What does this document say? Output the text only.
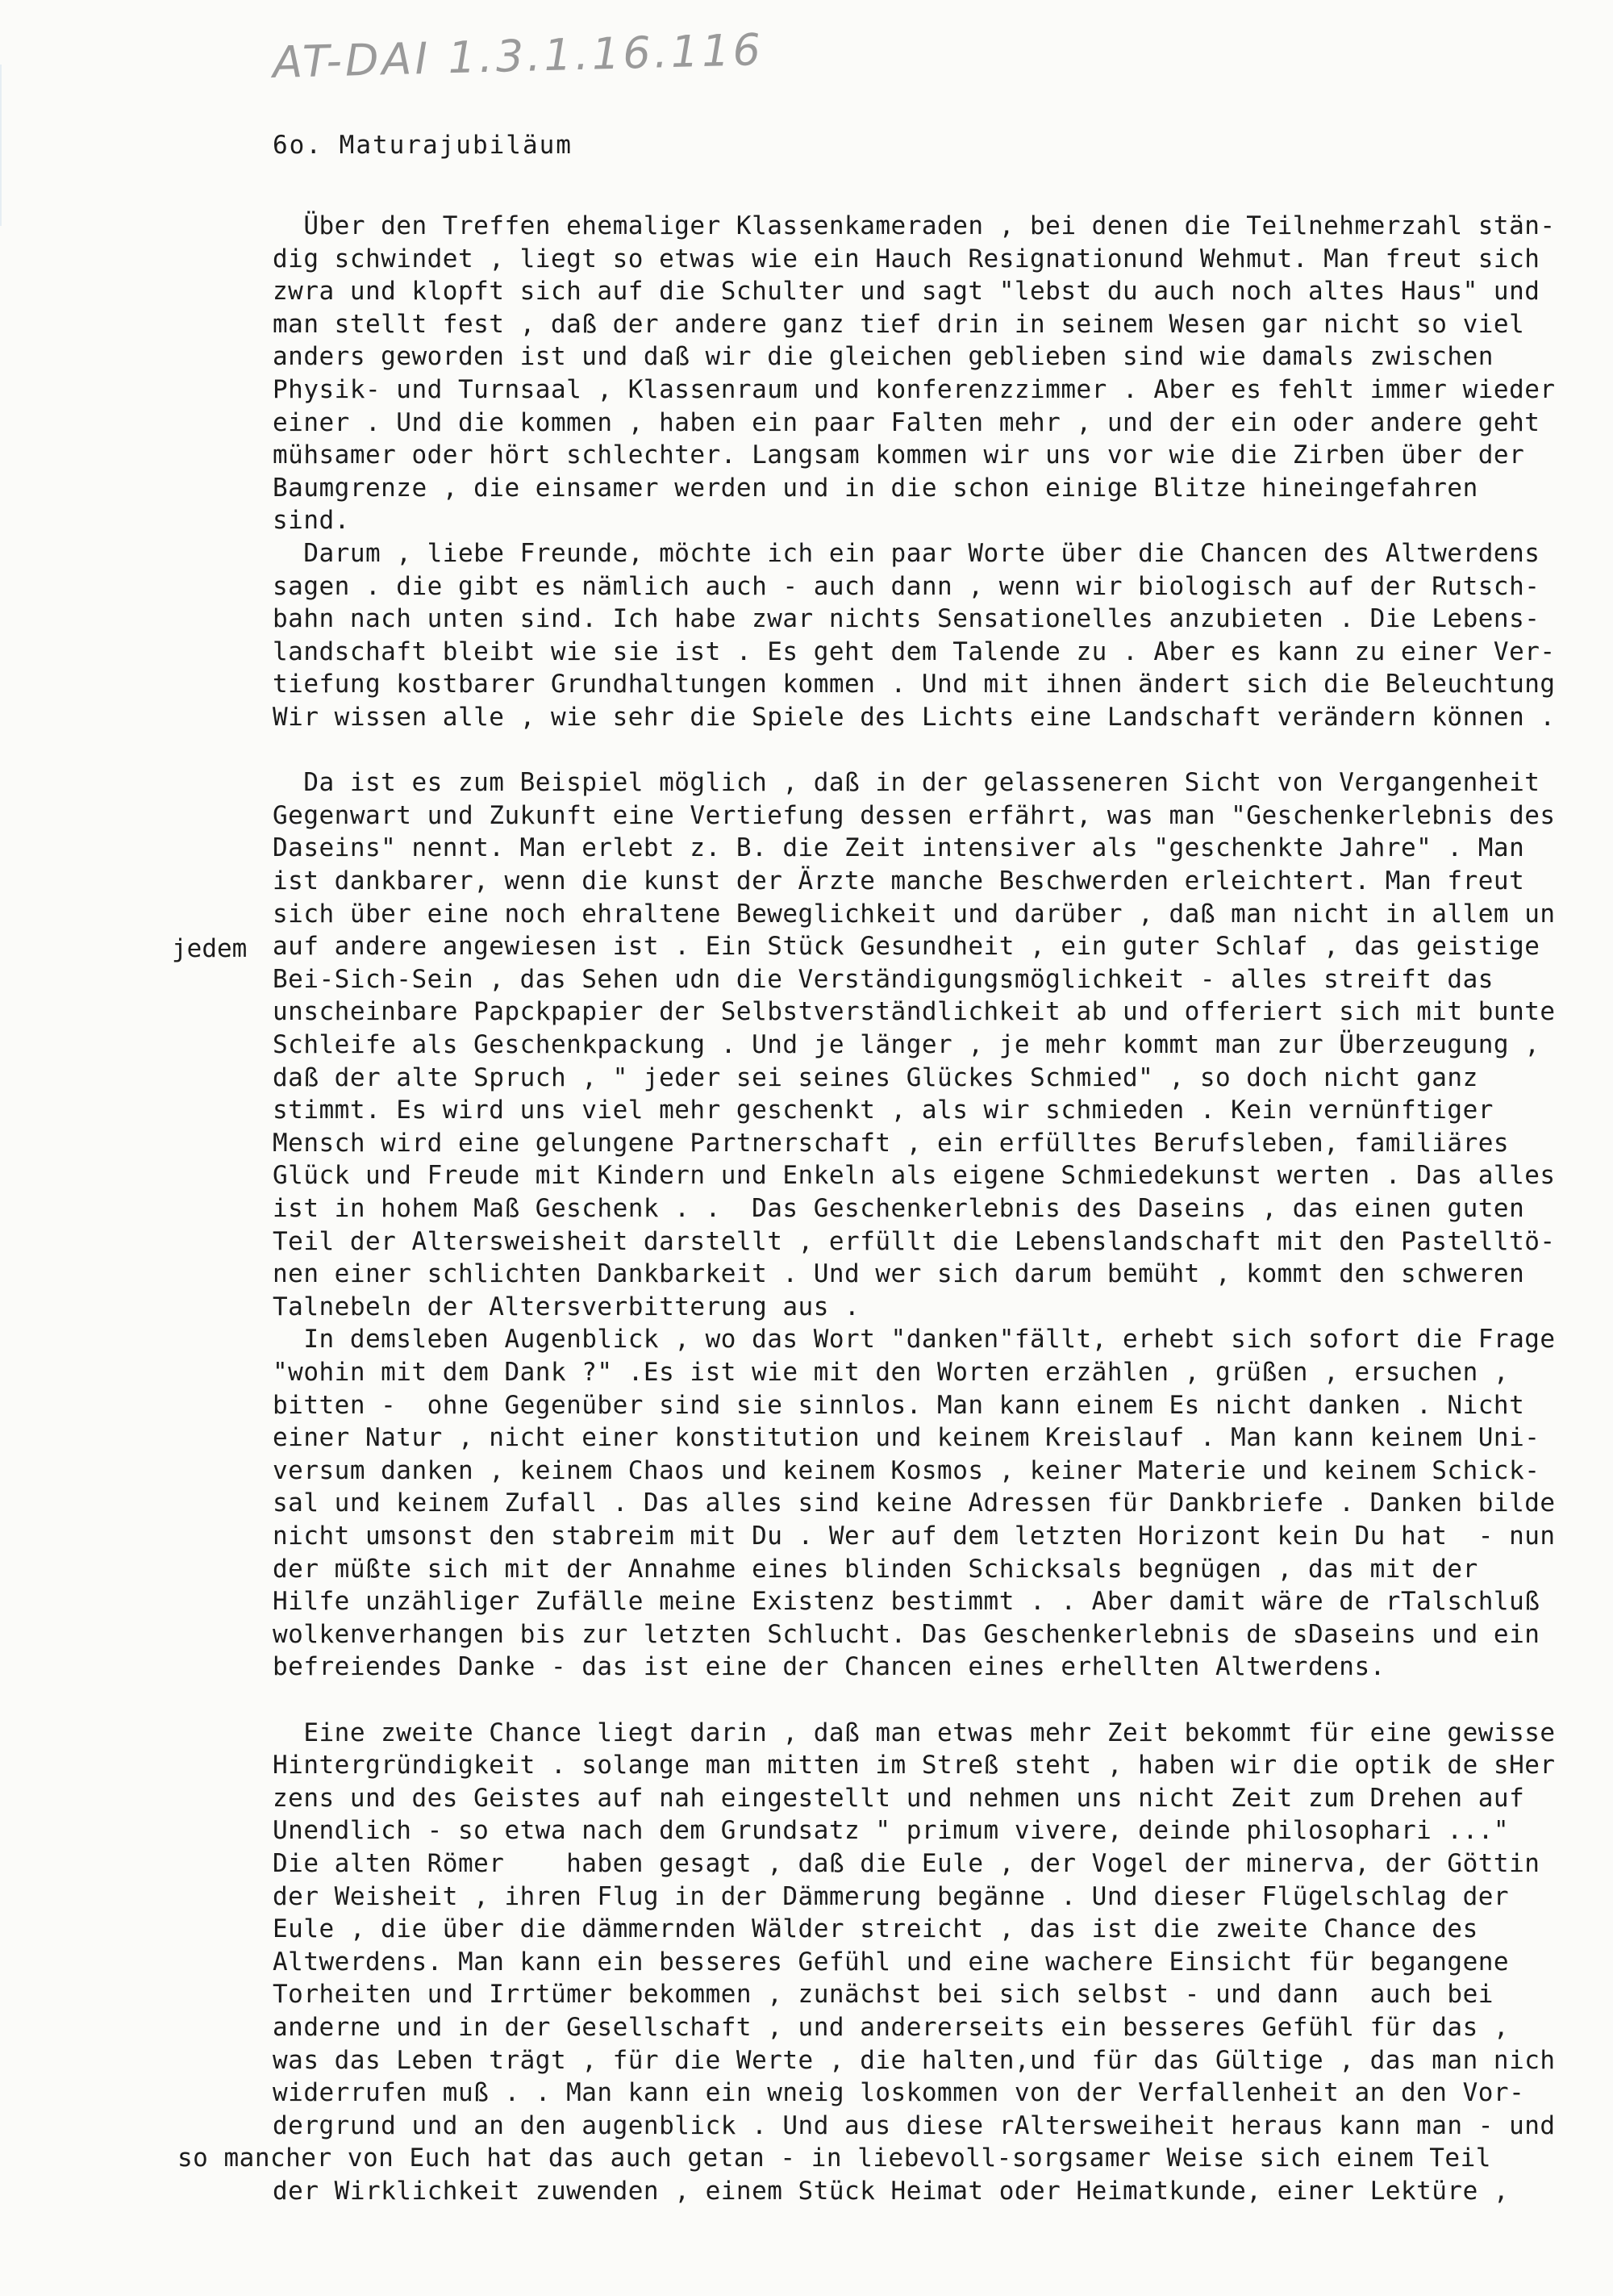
AT-DAI 1.3.1.16.116
6o. Maturajubiläum
Über den Treffen ehemaliger Klassenkameraden , bei denen die Teilnehmerzahl stän-
dig schwindet , liegt so etwas wie ein Hauch Resignationund Wehmut. Man freut sich
zwra und klopft sich auf die Schulter und sagt "lebst du auch noch altes Haus" und
man stellt fest , daß der andere ganz tief drin in seinem Wesen gar nicht so viel
anders geworden ist und daß wir die gleichen geblieben sind wie damals zwischen
Physik- und Turnsaal , Klassenraum und konferenzzimmer . Aber es fehlt immer wieder
einer . Und die kommen , haben ein paar Falten mehr , und der ein oder andere geht
mühsamer oder hört schlechter. Langsam kommen wir uns vor wie die Zirben über der
Baumgrenze , die einsamer werden und in die schon einige Blitze hineingefahren
sind.
Darum , liebe Freunde, möchte ich ein paar Worte über die Chancen des Altwerdens
sagen . die gibt es nämlich auch - auch dann , wenn wir biologisch auf der Rutsch-
bahn nach unten sind. Ich habe zwar nichts Sensationelles anzubieten . Die Lebens-
landschaft bleibt wie sie ist . Es geht dem Talende zu . Aber es kann zu einer Ver-
tiefung kostbarer Grundhaltungen kommen . Und mit ihnen ändert sich die Beleuchtung
Wir wissen alle , wie sehr die Spiele des Lichts eine Landschaft verändern können .
Da ist es zum Beispiel möglich , daß in der gelasseneren Sicht von Vergangenheit
Gegenwart und Zukunft eine Vertiefung dessen erfährt, was man "Geschenkerlebnis des
Daseins" nennt. Man erlebt z. B. die Zeit intensiver als "geschenkte Jahre" . Man
ist dankbarer, wenn die kunst der Ärzte manche Beschwerden erleichtert. Man freut
sich über eine noch ehraltene Beweglichkeit und darüber , daß man nicht in allem un
auf andere angewiesen ist . Ein Stück Gesundheit , ein guter Schlaf , das geistige
Bei-Sich-Sein , das Sehen udn die Verständigungsmöglichkeit - alles streift das
unscheinbare Papckpapier der Selbstverständlichkeit ab und offeriert sich mit bunte
Schleife als Geschenkpackung . Und je länger , je mehr kommt man zur Überzeugung ,
daß der alte Spruch , " jeder sei seines Glückes Schmied" , so doch nicht ganz
stimmt. Es wird uns viel mehr geschenkt , als wir schmieden . Kein vernünftiger
Mensch wird eine gelungene Partnerschaft , ein erfülltes Berufsleben, familiäres
Glück und Freude mit Kindern und Enkeln als eigene Schmiedekunst werten . Das alles
ist in hohem Maß Geschenk . .  Das Geschenkerlebnis des Daseins , das einen guten
Teil der Altersweisheit darstellt , erfüllt die Lebenslandschaft mit den Pastelltö-
nen einer schlichten Dankbarkeit . Und wer sich darum bemüht , kommt den schweren
Talnebeln der Altersverbitterung aus .
In demsleben Augenblick , wo das Wort "danken"fällt, erhebt sich sofort die Frage
"wohin mit dem Dank ?" .Es ist wie mit den Worten erzählen , grüßen , ersuchen ,
bitten -  ohne Gegenüber sind sie sinnlos. Man kann einem Es nicht danken . Nicht
einer Natur , nicht einer konstitution und keinem Kreislauf . Man kann keinem Uni-
versum danken , keinem Chaos und keinem Kosmos , keiner Materie und keinem Schick-
sal und keinem Zufall . Das alles sind keine Adressen für Dankbriefe . Danken bilde
nicht umsonst den stabreim mit Du . Wer auf dem letzten Horizont kein Du hat  - nun
der müßte sich mit der Annahme eines blinden Schicksals begnügen , das mit der
Hilfe unzähliger Zufälle meine Existenz bestimmt . . Aber damit wäre de rTalschluß
wolkenverhangen bis zur letzten Schlucht. Das Geschenkerlebnis de sDaseins und ein
befreiendes Danke - das ist eine der Chancen eines erhellten Altwerdens.
Eine zweite Chance liegt darin , daß man etwas mehr Zeit bekommt für eine gewisse
Hintergründigkeit . solange man mitten im Streß steht , haben wir die optik de sHer
zens und des Geistes auf nah eingestellt und nehmen uns nicht Zeit zum Drehen auf
Unendlich - so etwa nach dem Grundsatz " primum vivere, deinde philosophari ..."
Die alten Römer    haben gesagt , daß die Eule , der Vogel der minerva, der Göttin
der Weisheit , ihren Flug in der Dämmerung begänne . Und dieser Flügelschlag der
Eule , die über die dämmernden Wälder streicht , das ist die zweite Chance des
Altwerdens. Man kann ein besseres Gefühl und eine wachere Einsicht für begangene
Torheiten und Irrtümer bekommen , zunächst bei sich selbst - und dann  auch bei
anderne und in der Gesellschaft , und andererseits ein besseres Gefühl für das ,
was das Leben trägt , für die Werte , die halten,und für das Gültige , das man nich
widerrufen muß . . Man kann ein wneig loskommen von der Verfallenheit an den Vor-
dergrund und an den augenblick . Und aus diese rAltersweiheit heraus kann man - und
so mancher von Euch hat das auch getan - in liebevoll-sorgsamer Weise sich einem Teil
der Wirklichkeit zuwenden , einem Stück Heimat oder Heimatkunde, einer Lektüre ,
jedem
